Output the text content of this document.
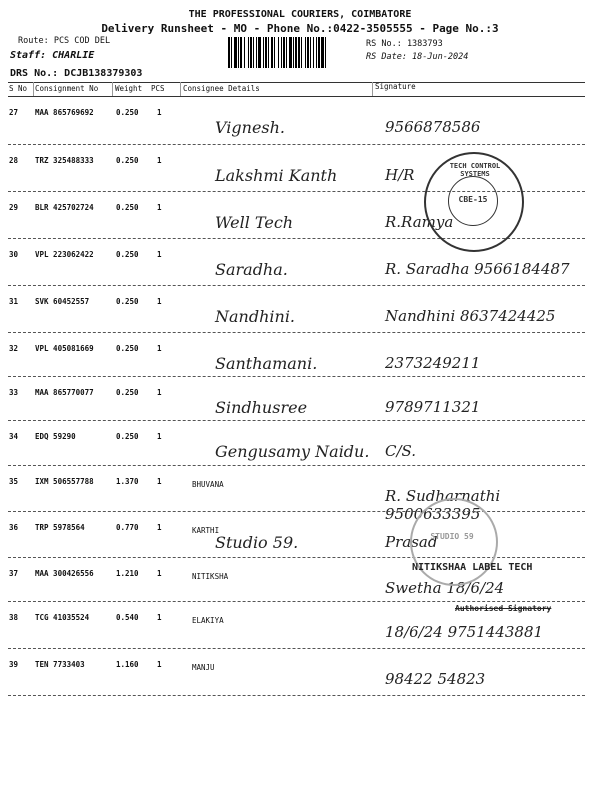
THE PROFESSIONAL COURIERS, COIMBATORE
Delivery Runsheet - MO - Phone No.:0422-3505555 - Page No.:3
Route: PCS COD DEL
Staff: CHARLIE
DRS No.: DCJB138379303
RS No.: 1383793
RS Date: 18-Jun-2024
S No Consignment No Weight PCS Consignee Details	Signature
27 MAA 865769692	0.250 1
Vignesh.	9566878586
28 TRZ 325488333	0.250 1
Lakshmi Kanth	H/R
29 BLR 425702724	0.250 1
Well Tech	R.Ramya
30 VPL 223062422	0.250 1
Saradha.	R. Saradha 9566184487
31 SVK 60452557	0.250 1
Nandhini.	Nandhini 8637424425
32 VPL 405081669	0.250 1
Santhamani.	2373249211
33 MAA 865770077	0.250 1
Sindhusree	9789711321
34 EDQ 59290	0.250 1
Gengusamy Naidu. C/S.
35 IXM 506557788	1.370 1	BHUVANA
R. Sudharnathi 9500633395
36 TRP 5978564	0.770 1	KARTHI
Studio 59.	Prasad
37 MAA 300426556	1.210 1	NITIKSHA
Swetha 18/6/24
38 TCG 41035524	0.540 1	ELAKIYA
18/6/24 9751443881
39 TEN 7733403	1.160 1	MANJU
98422 54823
TECH CONTROL SYSTEMS
CBE-15
STUDIO 59
NITIKSHAA LABEL TECH
Authorised Signatory
